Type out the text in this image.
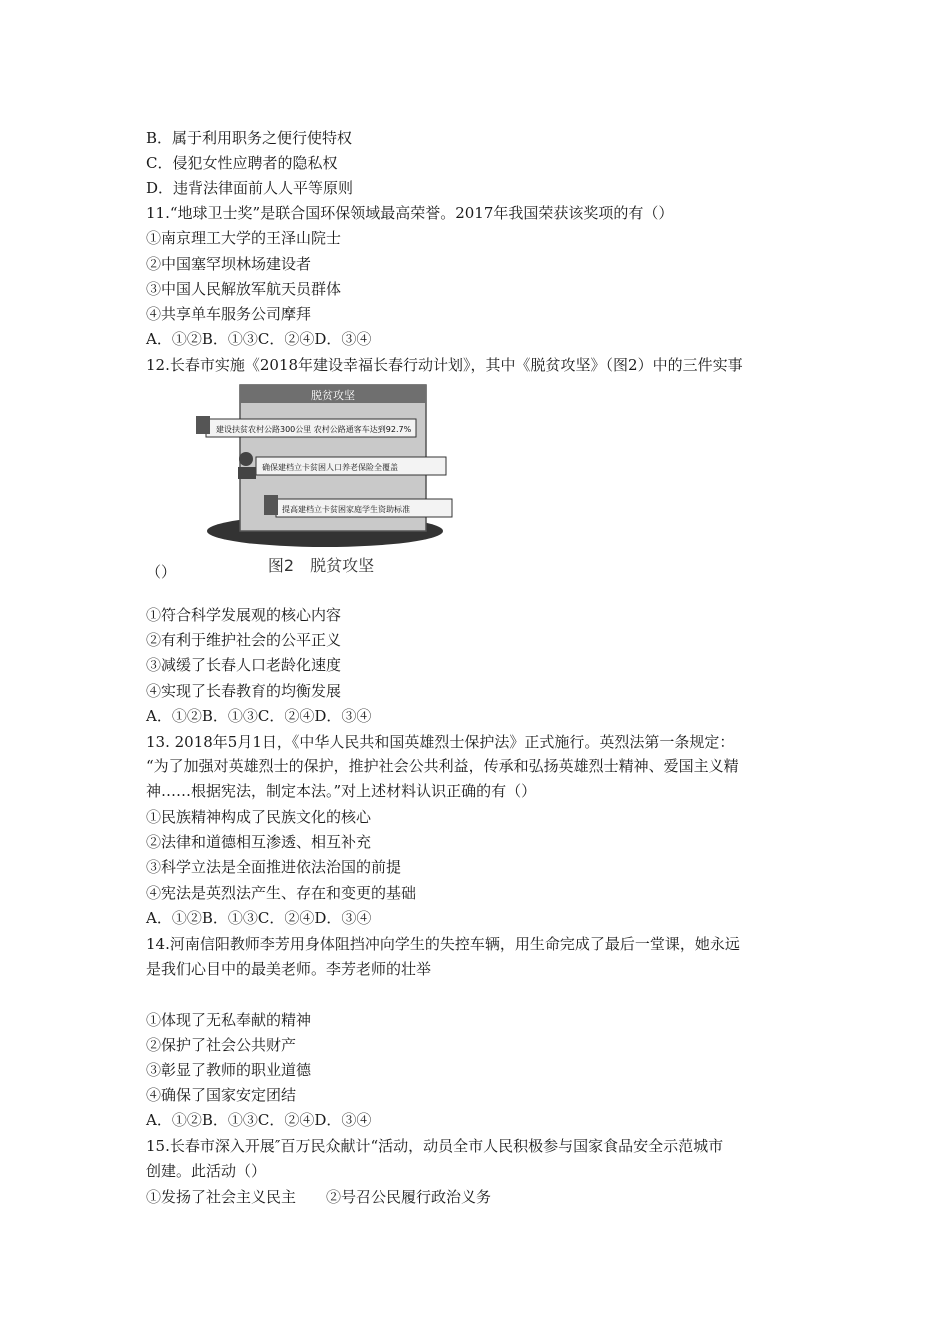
B．属于利用职务之便行使特权
C．侵犯女性应聘者的隐私权
D．违背法律面前人人平等原则
11.“地球卫士奖”是联合国环保领域最高荣誉。2017年我国荣获该奖项的有（）
①南京理工大学的王泽山院士
②中国塞罕坝林场建设者
③中国人民解放军航天员群体
④共享单车服务公司摩拜
A．①②B．①③C．②④D．③④
12.长春市实施《2018年建设幸福长春行动计划》，其中《脱贫攻坚》（图2）中的三件实事
脱贫攻坚
建设扶贫农村公路300公里 农村公路通客车达到92.7%
确保建档立卡贫困人口养老保险全覆盖
提高建档立卡贫困家庭学生资助标准
图2　脱贫攻坚
（）
①符合科学发展观的核心内容
②有利于维护社会的公平正义
③减缓了长春人口老龄化速度
④实现了长春教育的均衡发展
A．①②B．①③C．②④D．③④
13. 2018年5月1日，《中华人民共和国英雄烈士保护法》正式施行。英烈法第一条规定：
“为了加强对英雄烈士的保护，推护社会公共利益，传承和弘扬英雄烈士精神、爱国主义精
神……根据宪法，制定本法。”对上述材料认识正确的有（）
①民族精神构成了民族文化的核心
②法律和道德相互渗透、相互补充
③科学立法是全面推进依法治国的前提
④宪法是英烈法产生、存在和变更的基础
A．①②B．①③C．②④D．③④
14.河南信阳教师李芳用身体阻挡冲向学生的失控车辆，用生命完成了最后一堂课，她永远
是我们心目中的最美老师。李芳老师的壮举
①体现了无私奉献的精神
②保护了社会公共财产
③彰显了教师的职业道德
④确保了国家安定团结
A．①②B．①③C．②④D．③④
15.长春市深入开展″百万民众献计“活动，动员全市人民积极参与国家食品安全示范城市
创建。此活动（）
①发扬了社会主义民主　　②号召公民履行政治义务
